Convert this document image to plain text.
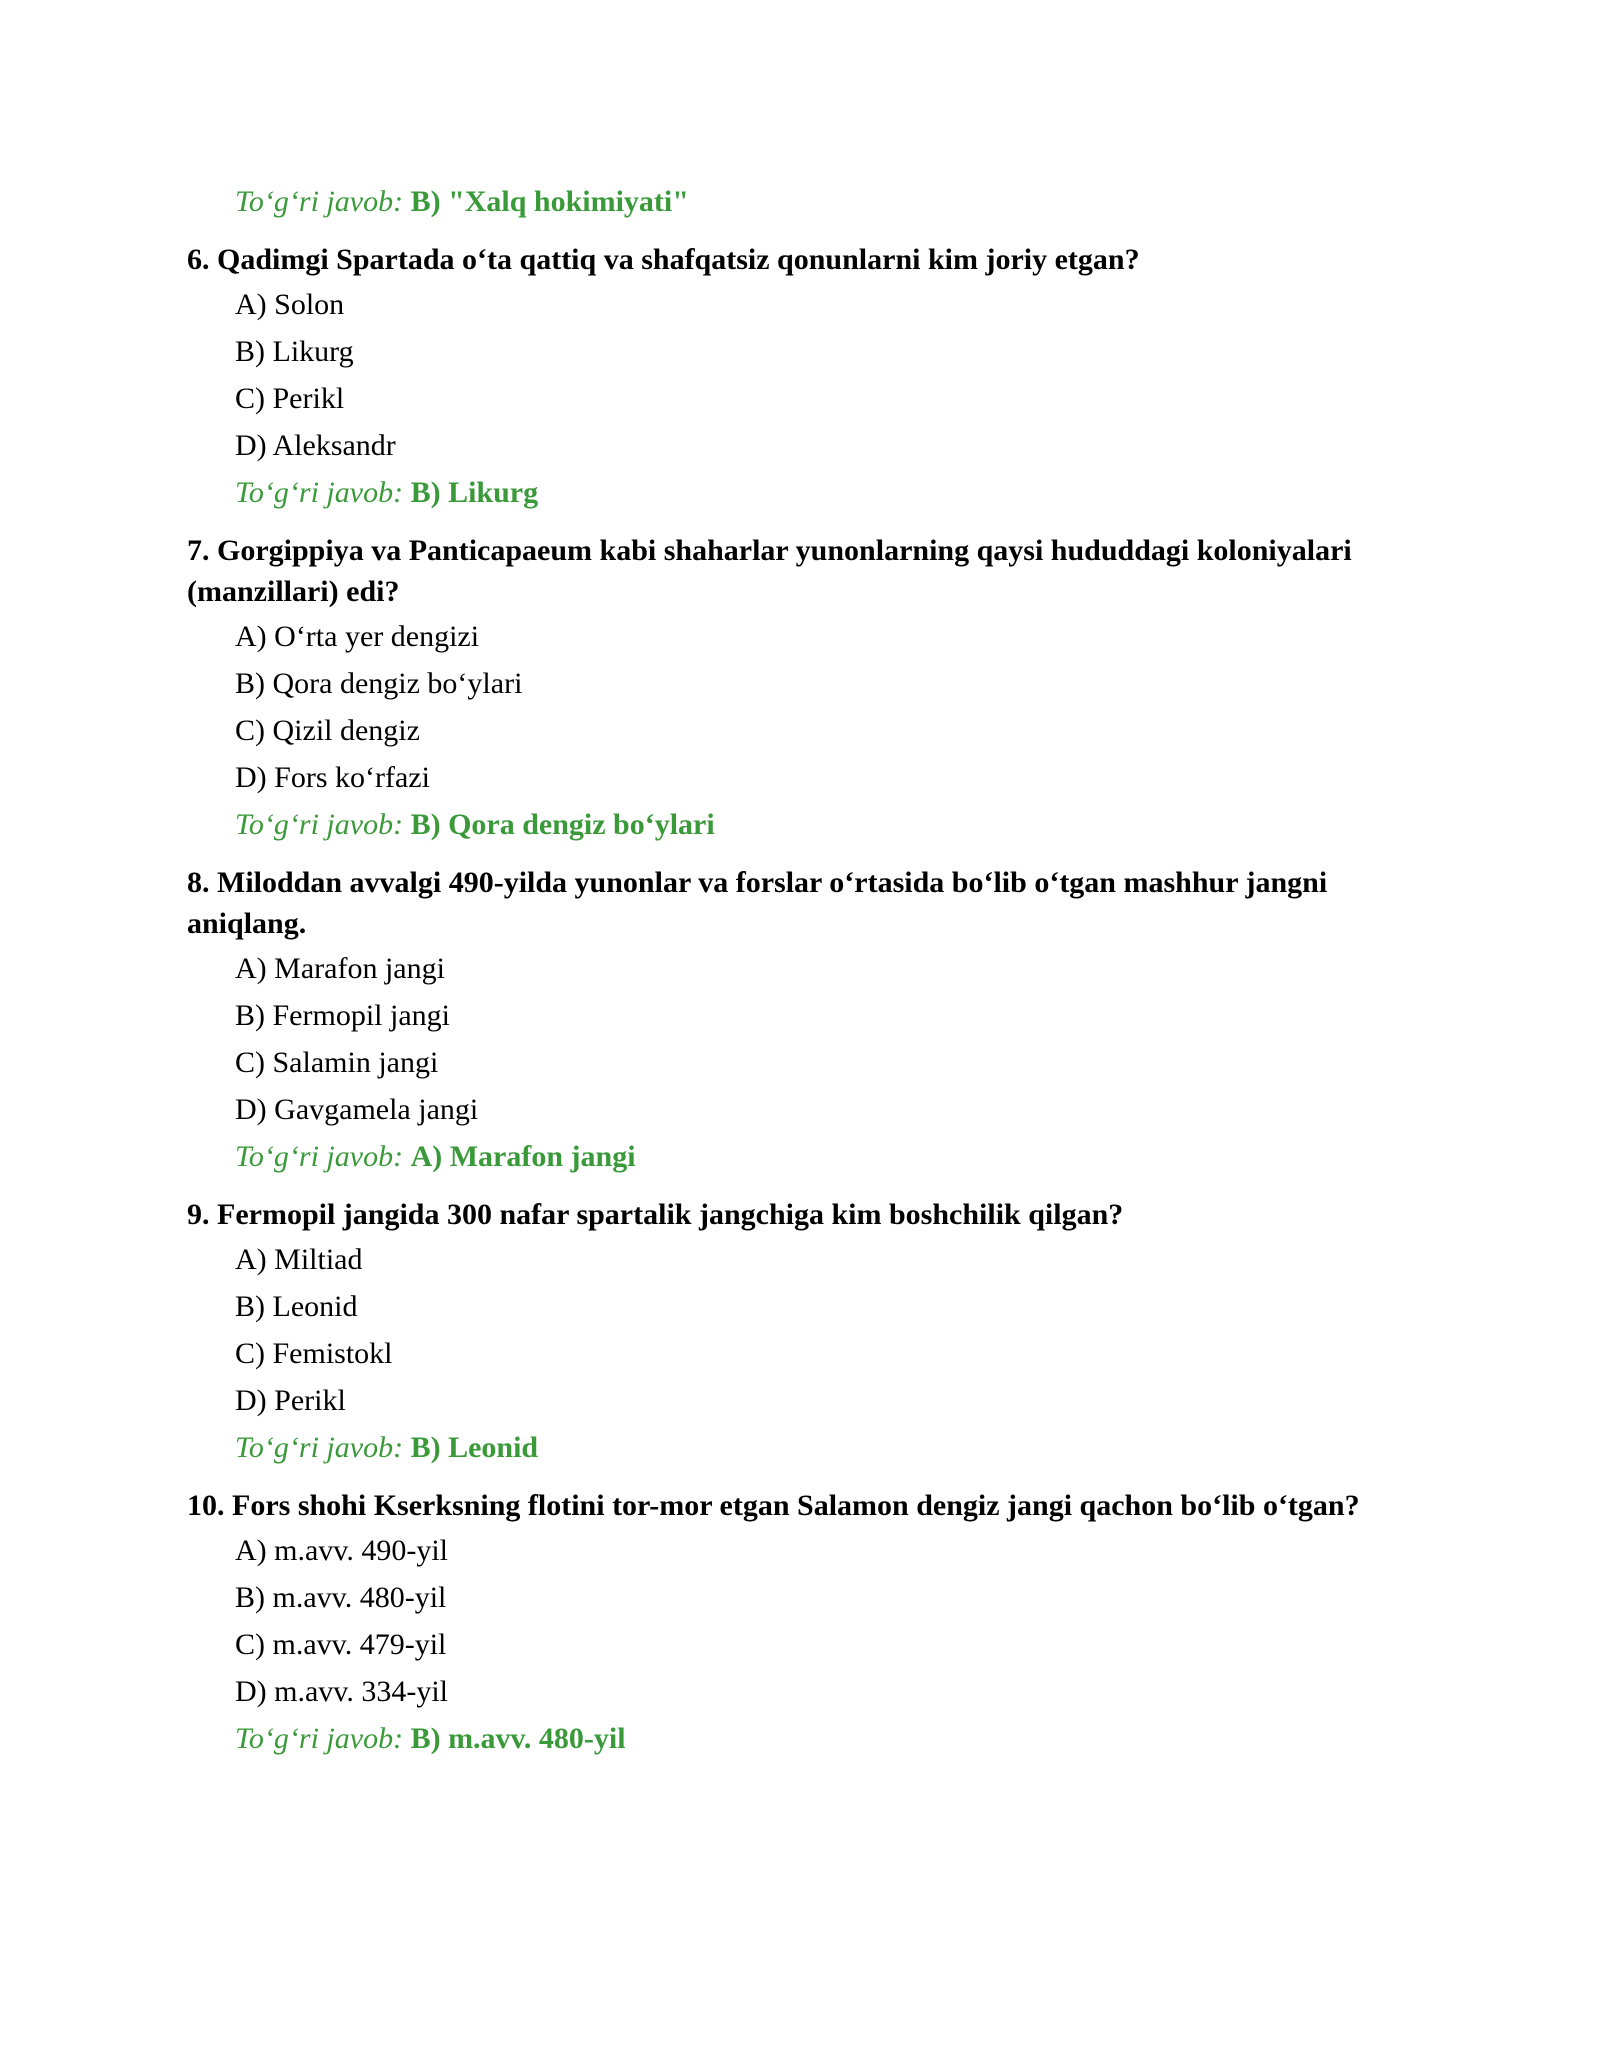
To‘g‘ri javob: B) "Xalq hokimiyati"
6. Qadimgi Spartada o‘ta qattiq va shafqatsiz qonunlarni kim joriy etgan?
A) Solon
B) Likurg
C) Perikl
D) Aleksandr
To‘g‘ri javob: B) Likurg
7. Gorgippiya va Panticapaeum kabi shaharlar yunonlarning qaysi hududdagi koloniyalari (manzillari) edi?
A) O‘rta yer dengizi
B) Qora dengiz bo‘ylari
C) Qizil dengiz
D) Fors ko‘rfazi
To‘g‘ri javob: B) Qora dengiz bo‘ylari
8. Miloddan avvalgi 490-yilda yunonlar va forslar o‘rtasida bo‘lib o‘tgan mashhur jangni aniqlang.
A) Marafon jangi
B) Fermopil jangi
C) Salamin jangi
D) Gavgamela jangi
To‘g‘ri javob: A) Marafon jangi
9. Fermopil jangida 300 nafar spartalik jangchiga kim boshchilik qilgan?
A) Miltiad
B) Leonid
C) Femistokl
D) Perikl
To‘g‘ri javob: B) Leonid
10. Fors shohi Kserksning flotini tor-mor etgan Salamon dengiz jangi qachon bo‘lib o‘tgan?
A) m.avv. 490-yil
B) m.avv. 480-yil
C) m.avv. 479-yil
D) m.avv. 334-yil
To‘g‘ri javob: B) m.avv. 480-yil
